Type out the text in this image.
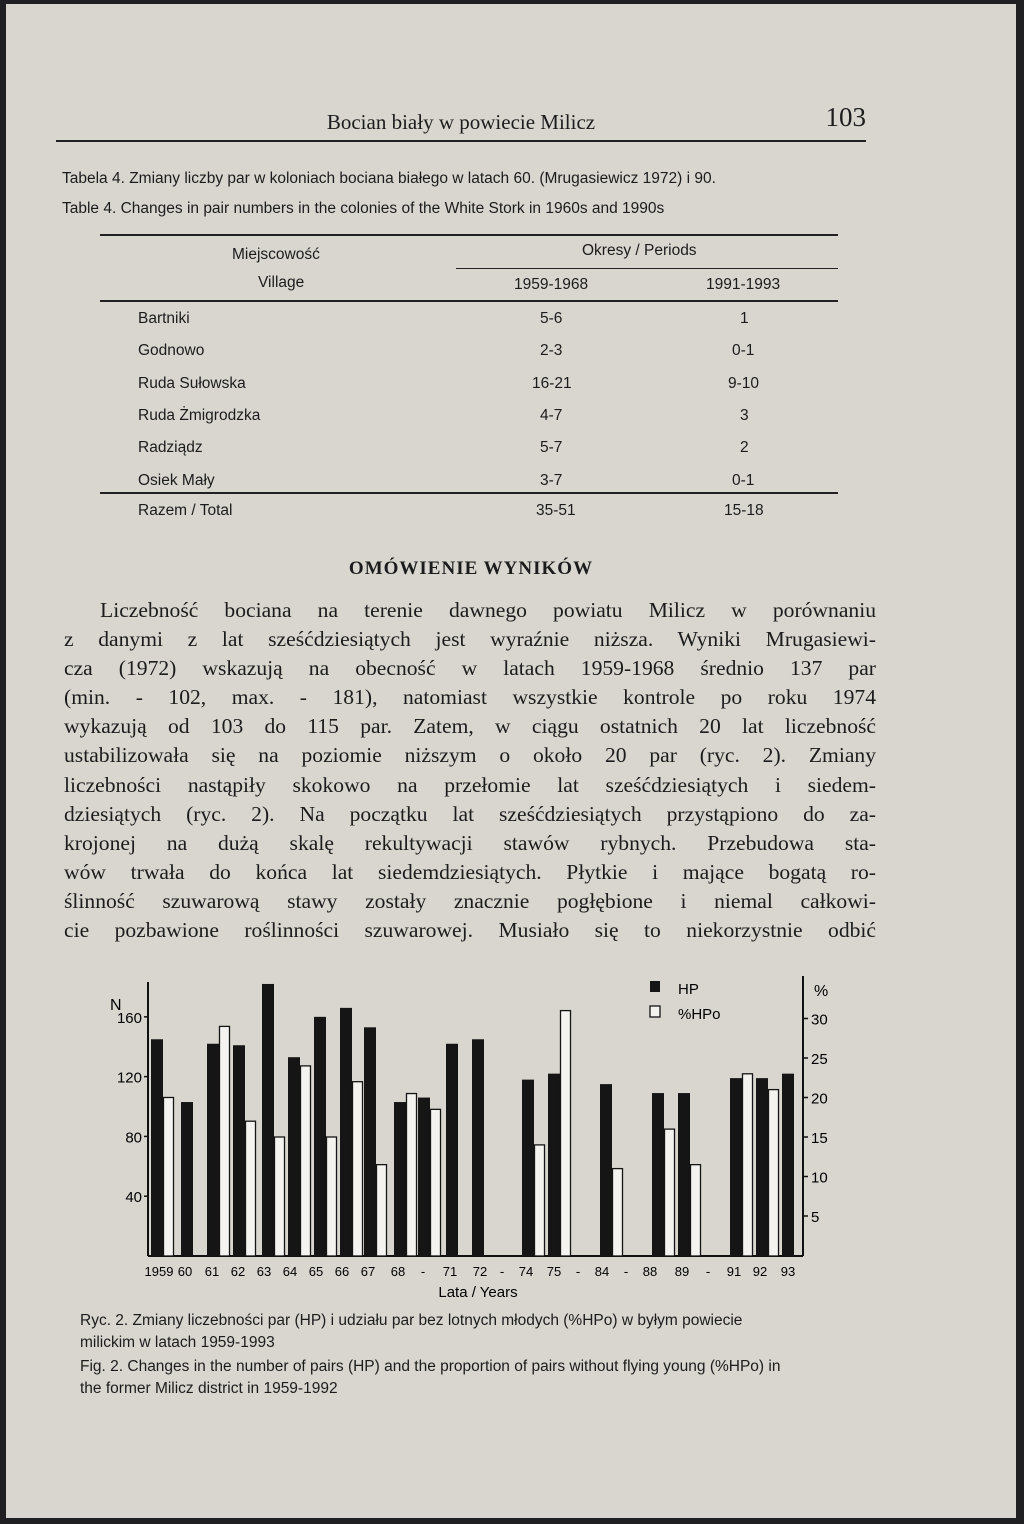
Bocian biały w powiecie Milicz	103
Tabela 4. Zmiany liczby par w koloniach bociana białego w latach 60. (Mrugasiewicz 1972) i 90.
Table 4. Changes in pair numbers in the colonies of the White Stork in 1960s and 1990s
Miejscowość
Village
Okresy / Periods
1959-1968	1991-1993
Razem / Total	35-51	15-18
OMÓWIENIE WYNIKÓW
Liczebność bociana na terenie dawnego powiatu Milicz w porównaniu
z danymi z lat sześćdziesiątych jest wyraźnie niższa. Wyniki Mrugasiewi-
cza (1972) wskazują na obecność w latach 1959-1968 średnio 137 par
(min. - 102, max. - 181), natomiast wszystkie kontrole po roku 1974
wykazują od 103 do 115 par. Zatem, w ciągu ostatnich 20 lat liczebność
ustabilizowała się na poziomie niższym o około 20 par (ryc. 2). Zmiany
liczebności nastąpiły skokowo na przełomie lat sześćdziesiątych i siedem-
dziesiątych (ryc. 2). Na początku lat sześćdziesiątych przystąpiono do za-
krojonej na dużą skalę rekultywacji stawów rybnych. Przebudowa sta-
wów trwała do końca lat siedemdziesiątych. Płytkie i mające bogatą ro-
ślinność szuwarową stawy zostały znacznie pogłębione i niemal całkowi-
cie pozbawione roślinności szuwarowej. Musiało się to niekorzystnie odbić
N
%
40
80
120
160
5
10
15
20
25
30
HP
%HPo
1959 60 61 62 63 64 65 66 67 68 - 71 72 - 74 75 - 84 - 88 89 - 91 92 93
Lata / Years
Ryc. 2. Zmiany liczebności par (HP) i udziału par bez lotnych młodych (%HPo) w byłym powiecie
milickim w latach 1959-1993
Fig. 2. Changes in the number of pairs (HP) and the proportion of pairs without flying young (%HPo) in
the former Milicz district in 1959-1992
Bartniki	5-6	1
Godnowo	2-3	0-1
Ruda Sułowska	16-21	9-10
Ruda Żmigrodzka	4-7	3
Radziądz	5-7	2
Osiek Mały	3-7	0-1
